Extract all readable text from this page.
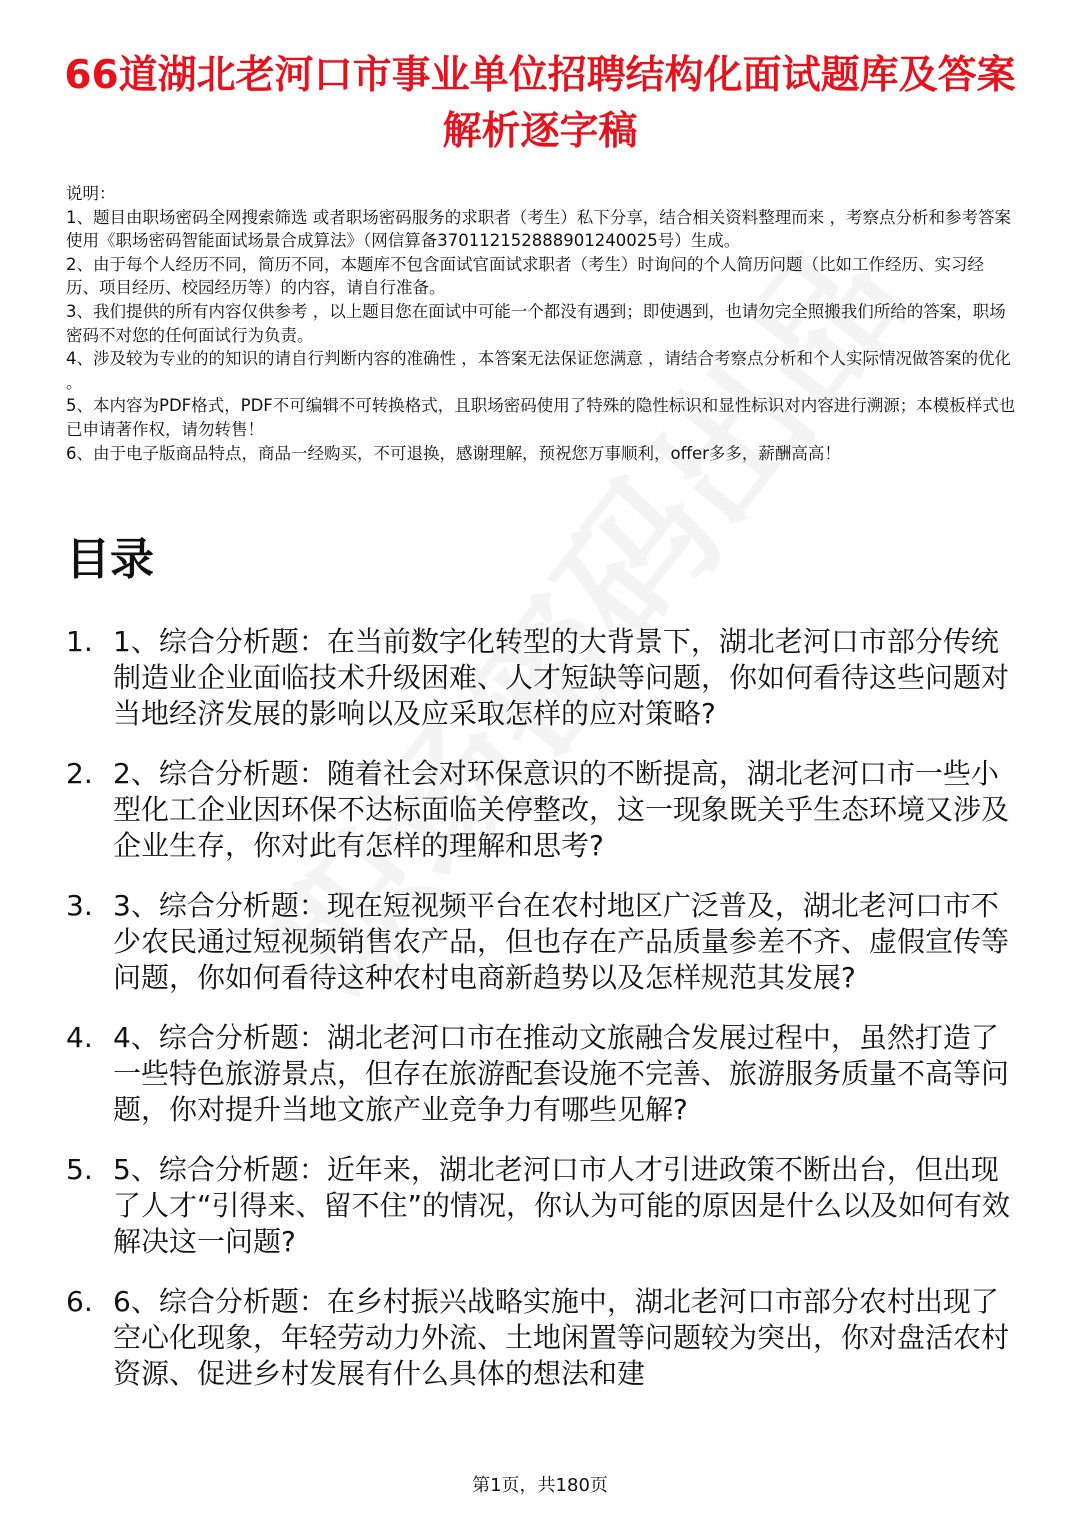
66道湖北老河口市事业单位招聘结构化面试题库及答案解析逐字稿

说明：

1、题目由职场密码全网搜索筛选 或者职场密码服务的求职者（考生）私下分享，结合相关资料整理而来 ，考察点分析和参考答案使用《职场密码智能面试场景合成算法》（网信算备370112152888901240025号）生成。

2、由于每个人经历不同，简历不同，本题库不包含面试官面试求职者（考生）时询问的个人简历问题（比如工作经历、实习经历、项目经历、校园经历等）的内容，请自行准备。

3、我们提供的所有内容仅供参考 ，以上题目您在面试中可能一个都没有遇到；即使遇到，也请勿完全照搬我们所给的答案，职场密码不对您的任何面试行为负责。

4、涉及较为专业的的知识的请自行判断内容的准确性 ，本答案无法保证您满意 ，请结合考察点分析和个人实际情况做答案的优化 。

5、本内容为PDF格式，PDF不可编辑不可转换格式，且职场密码使用了特殊的隐性标识和显性标识对内容进行溯源；本模板样式也已申请著作权，请勿转售！

6、由于电子版商品特点，商品一经购买，不可退换，感谢理解，预祝您万事顺利，offer多多，薪酬高高！

目录
1. 1、综合分析题：在当前数字化转型的大背景下，湖北老河口市部分传统制造业企业面临技术升级困难、人才短缺等问题，你如何看待这些问题对当地经济发展的影响以及应采取怎样的应对策略?
2. 2、综合分析题：随着社会对环保意识的不断提高，湖北老河口市一些小型化工企业因环保不达标面临关停整改，这一现象既关乎生态环境又涉及企业生存，你对此有怎样的理解和思考?
3. 3、综合分析题：现在短视频平台在农村地区广泛普及，湖北老河口市不少农民通过短视频销售农产品，但也存在产品质量参差不齐、虚假宣传等问题，你如何看待这种农村电商新趋势以及怎样规范其发展?
4. 4、综合分析题：湖北老河口市在推动文旅融合发展过程中，虽然打造了一些特色旅游景点，但存在旅游配套设施不完善、旅游服务质量不高等问题，你对提升当地文旅产业竞争力有哪些见解?
5. 5、综合分析题：近年来，湖北老河口市人才引进政策不断出台，但出现了人才“引得来、留不住”的情况，你认为可能的原因是什么以及如何有效解决这一问题?
6. 6、综合分析题：在乡村振兴战略实施中，湖北老河口市部分农村出现了空心化现象，年轻劳动力外流、土地闲置等问题较为突出，你对盘活农村资源、促进乡村发展有什么具体的想法和建
第1页，共180页
